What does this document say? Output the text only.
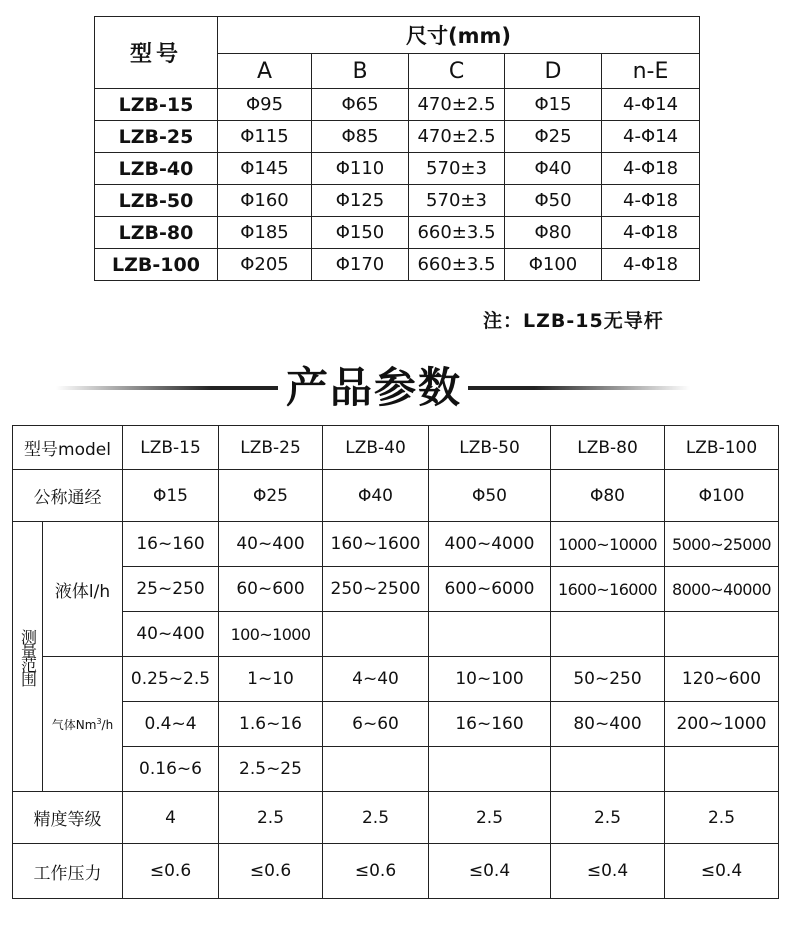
型号	尺寸(mm)				
	A	B	C	D	n-E
LZB-15	Φ95	Φ65	470±2.5	Φ15	4-Φ14
LZB-25	Φ115	Φ85	470±2.5	Φ25	4-Φ14
LZB-40	Φ145	Φ110	570±3	Φ40	4-Φ18
LZB-50	Φ160	Φ125	570±3	Φ50	4-Φ18
LZB-80	Φ185	Φ150	660±3.5	Φ80	4-Φ18
LZB-100	Φ205	Φ170	660±3.5	Φ100	4-Φ18
注：LZB-15无导杆
产品参数
型号model		LZB-15	LZB-25	LZB-40	LZB-50	LZB-80	LZB-100
公称通经		Φ15	Φ25	Φ40	Φ50	Φ80	Φ100
测量范围	液体l/h	16~160	40~400	160~1600	400~4000	1000~10000	5000~25000
		25~250	60~600	250~2500	600~6000	1600~16000	8000~40000
		40~400	100~1000				
	气体Nm$^3$/h	0.25~2.5	1~10	4~40	10~100	50~250	120~600
		0.4~4	1.6~16	6~60	16~160	80~400	200~1000
		0.16~6	2.5~25				
精度等级		4	2.5	2.5	2.5	2.5	2.5
工作压力		≤0.6	≤0.6	≤0.6	≤0.4	≤0.4	≤0.4
